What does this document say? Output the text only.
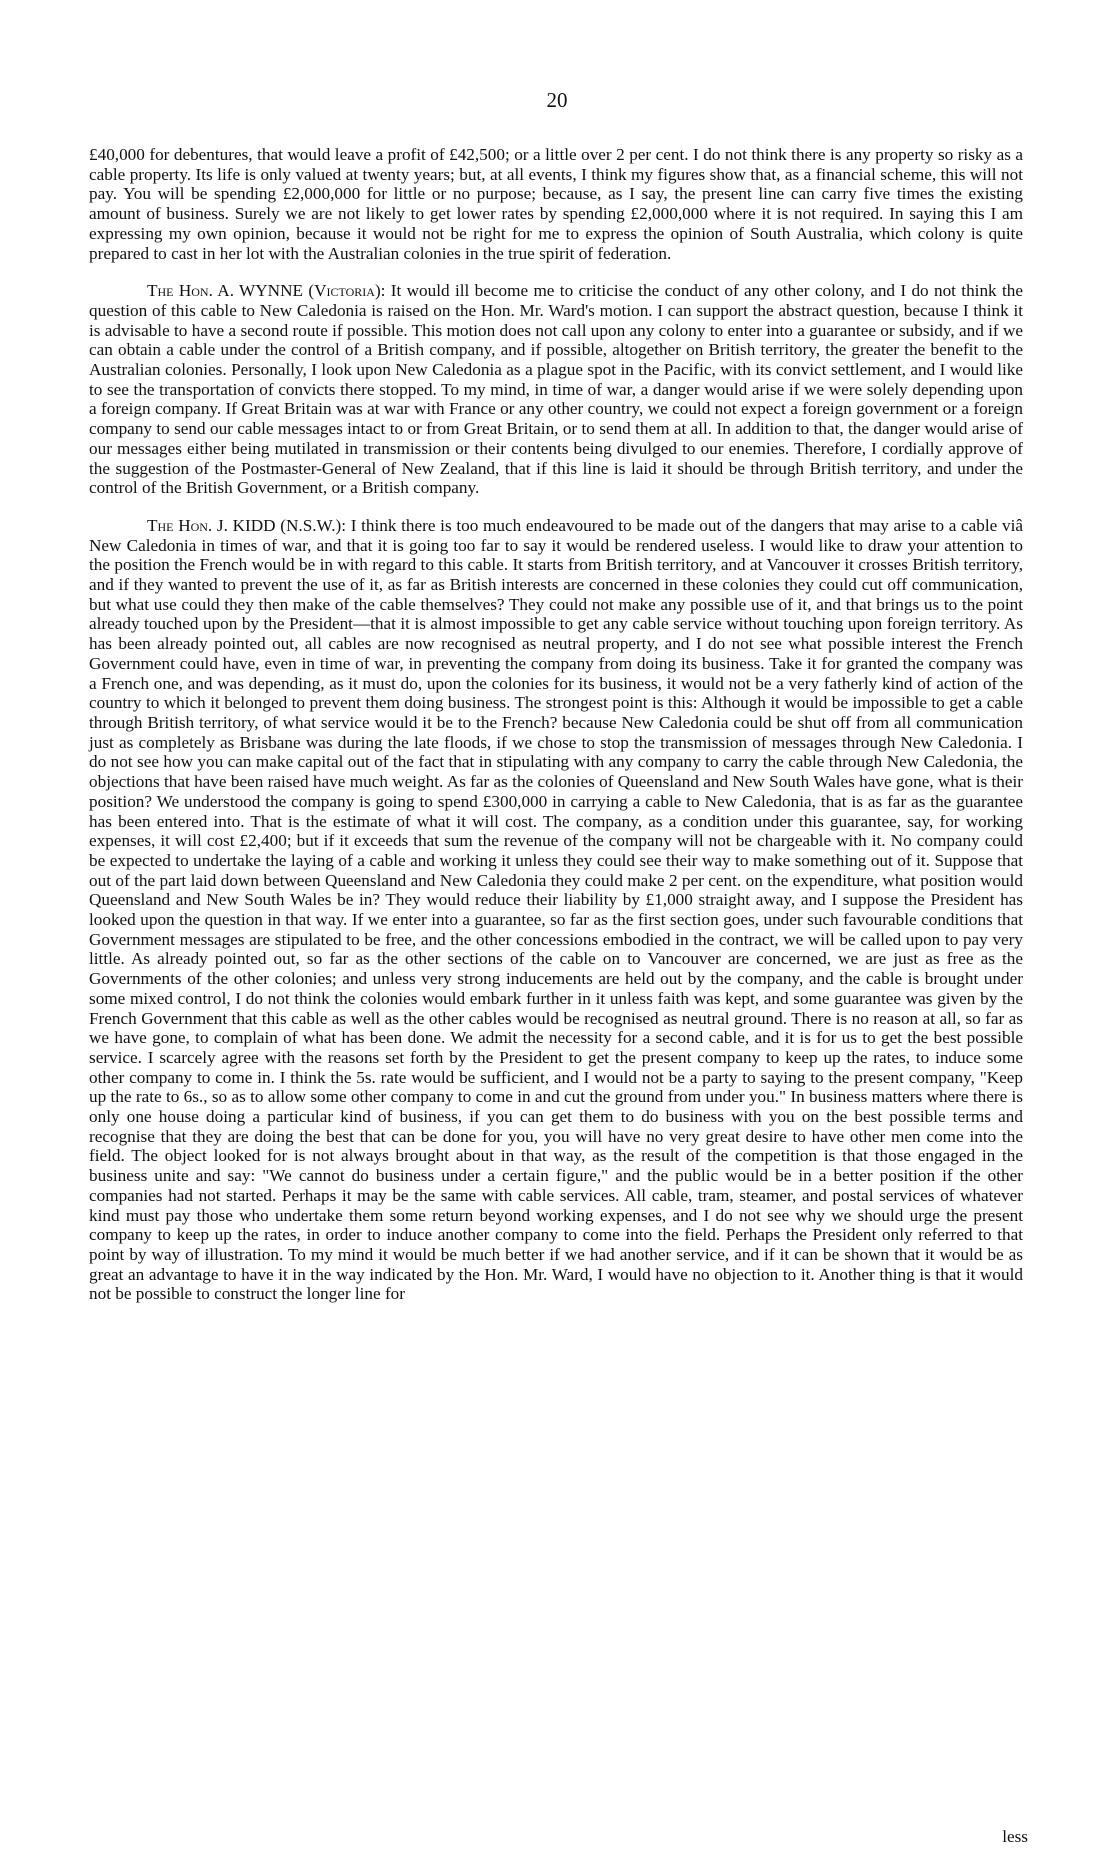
20

£40,000 for debentures, that would leave a profit of £42,500; or a little over 2 per cent. I do not think there is any property so risky as a cable property. Its life is only valued at twenty years; but, at all events, I think my figures show that, as a financial scheme, this will not pay. You will be spending £2,000,000 for little or no purpose; because, as I say, the present line can carry five times the existing amount of business. Surely we are not likely to get lower rates by spending £2,000,000 where it is not required. In saying this I am expressing my own opinion, because it would not be right for me to express the opinion of South Australia, which colony is quite prepared to cast in her lot with the Australian colonies in the true spirit of federation.

The Hon. A. WYNNE (Victoria): It would ill become me to criticise the conduct of any other colony, and I do not think the question of this cable to New Caledonia is raised on the Hon. Mr. Ward's motion. I can support the abstract question, because I think it is advisable to have a second route if possible. This motion does not call upon any colony to enter into a guarantee or subsidy, and if we can obtain a cable under the control of a British company, and if possible, altogether on British territory, the greater the benefit to the Australian colonies. Personally, I look upon New Caledonia as a plague spot in the Pacific, with its convict settlement, and I would like to see the transportation of convicts there stopped. To my mind, in time of war, a danger would arise if we were solely depending upon a foreign company. If Great Britain was at war with France or any other country, we could not expect a foreign government or a foreign company to send our cable messages intact to or from Great Britain, or to send them at all. In addition to that, the danger would arise of our messages either being mutilated in transmission or their contents being divulged to our enemies. Therefore, I cordially approve of the suggestion of the Postmaster-General of New Zealand, that if this line is laid it should be through British territory, and under the control of the British Government, or a British company.

The Hon. J. KIDD (N.S.W.): I think there is too much endeavoured to be made out of the dangers that may arise to a cable viâ New Caledonia in times of war, and that it is going too far to say it would be rendered useless. I would like to draw your attention to the position the French would be in with regard to this cable. It starts from British territory, and at Vancouver it crosses British territory, and if they wanted to prevent the use of it, as far as British interests are concerned in these colonies they could cut off communication, but what use could they then make of the cable themselves? They could not make any possible use of it, and that brings us to the point already touched upon by the President—that it is almost impossible to get any cable service without touching upon foreign territory. As has been already pointed out, all cables are now recognised as neutral property, and I do not see what possible interest the French Government could have, even in time of war, in preventing the company from doing its business. Take it for granted the company was a French one, and was depending, as it must do, upon the colonies for its business, it would not be a very fatherly kind of action of the country to which it belonged to prevent them doing business. The strongest point is this: Although it would be impossible to get a cable through British territory, of what service would it be to the French? because New Caledonia could be shut off from all communication just as completely as Brisbane was during the late floods, if we chose to stop the transmission of messages through New Caledonia. I do not see how you can make capital out of the fact that in stipulating with any company to carry the cable through New Caledonia, the objections that have been raised have much weight. As far as the colonies of Queensland and New South Wales have gone, what is their position? We understood the company is going to spend £300,000 in carrying a cable to New Caledonia, that is as far as the guarantee has been entered into. That is the estimate of what it will cost. The company, as a condition under this guarantee, say, for working expenses, it will cost £2,400; but if it exceeds that sum the revenue of the company will not be chargeable with it. No company could be expected to undertake the laying of a cable and working it unless they could see their way to make something out of it. Suppose that out of the part laid down between Queensland and New Caledonia they could make 2 per cent. on the expenditure, what position would Queensland and New South Wales be in? They would reduce their liability by £1,000 straight away, and I suppose the President has looked upon the question in that way. If we enter into a guarantee, so far as the first section goes, under such favourable conditions that Government messages are stipulated to be free, and the other concessions embodied in the contract, we will be called upon to pay very little. As already pointed out, so far as the other sections of the cable on to Vancouver are concerned, we are just as free as the Governments of the other colonies; and unless very strong inducements are held out by the company, and the cable is brought under some mixed control, I do not think the colonies would embark further in it unless faith was kept, and some guarantee was given by the French Government that this cable as well as the other cables would be recognised as neutral ground. There is no reason at all, so far as we have gone, to complain of what has been done. We admit the necessity for a second cable, and it is for us to get the best possible service. I scarcely agree with the reasons set forth by the President to get the present company to keep up the rates, to induce some other company to come in. I think the 5s. rate would be sufficient, and I would not be a party to saying to the present company, "Keep up the rate to 6s., so as to allow some other company to come in and cut the ground from under you." In business matters where there is only one house doing a particular kind of business, if you can get them to do business with you on the best possible terms and recognise that they are doing the best that can be done for you, you will have no very great desire to have other men come into the field. The object looked for is not always brought about in that way, as the result of the competition is that those engaged in the business unite and say: "We cannot do business under a certain figure," and the public would be in a better position if the other companies had not started. Perhaps it may be the same with cable services. All cable, tram, steamer, and postal services of whatever kind must pay those who undertake them some return beyond working expenses, and I do not see why we should urge the present company to keep up the rates, in order to induce another company to come into the field. Perhaps the President only referred to that point by way of illustration. To my mind it would be much better if we had another service, and if it can be shown that it would be as great an advantage to have it in the way indicated by the Hon. Mr. Ward, I would have no objection to it. Another thing is that it would not be possible to construct the longer line for

less
